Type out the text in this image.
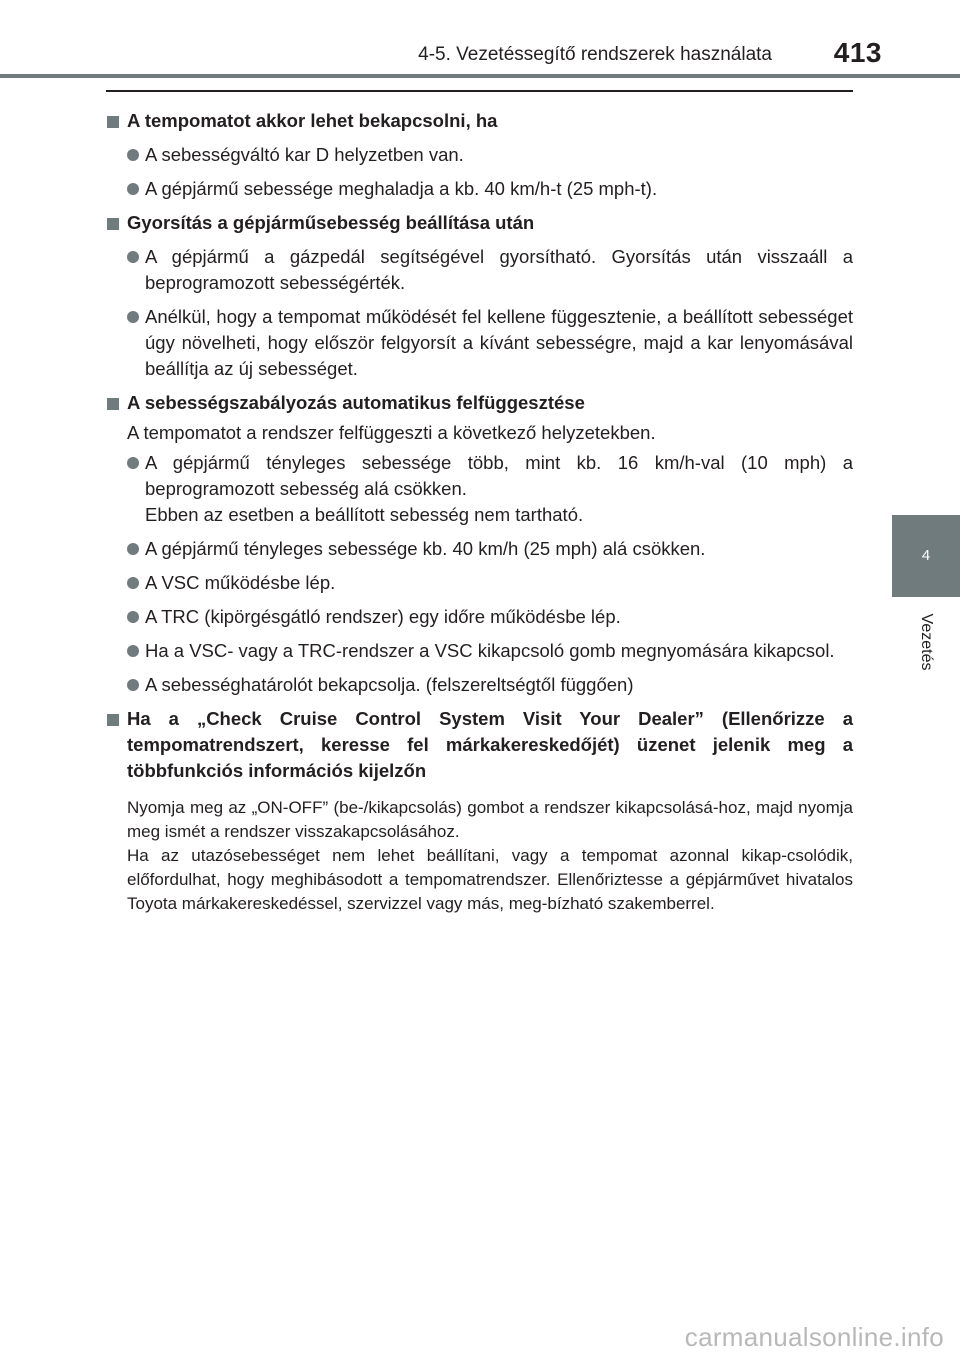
4-5. Vezetéssegítő rendszerek használata 413
4
Vezetés
A tempomatot akkor lehet bekapcsolni, ha
A sebességváltó kar D helyzetben van.
A gépjármű sebessége meghaladja a kb. 40 km/h-t (25 mph-t).
Gyorsítás a gépjárműsebesség beállítása után
A gépjármű a gázpedál segítségével gyorsítható. Gyorsítás után visszaáll a beprogramozott sebességérték.
Anélkül, hogy a tempomat működését fel kellene függesztenie, a beállított sebességet úgy növelheti, hogy először felgyorsít a kívánt sebességre, majd a kar lenyomásával beállítja az új sebességet.
A sebességszabályozás automatikus felfüggesztése
A tempomatot a rendszer felfüggeszti a következő helyzetekben.
A gépjármű tényleges sebessége több, mint kb. 16 km/h-val (10 mph) a beprogramozott sebesség alá csökken.
Ebben az esetben a beállított sebesség nem tartható.
A gépjármű tényleges sebessége kb. 40 km/h (25 mph) alá csökken.
A VSC működésbe lép.
A TRC (kipörgésgátló rendszer) egy időre működésbe lép.
Ha a VSC- vagy a TRC-rendszer a VSC kikapcsoló gomb megnyomására kikapcsol.
A sebességhatárolót bekapcsolja. (felszereltségtől függően)
Ha a „Check Cruise Control System Visit Your Dealer” (Ellenőrizze a tempomatrendszert, keresse fel márkakereskedőjét) üzenet jelenik meg a többfunkciós információs kijelzőn

Nyomja meg az „ON-OFF” (be-/kikapcsolás) gombot a rendszer kikapcsolásá-hoz, majd nyomja meg ismét a rendszer visszakapcsolásához.

Ha az utazósebességet nem lehet beállítani, vagy a tempomat azonnal kikap-csolódik, előfordulhat, hogy meghibásodott a tempomatrendszer. Ellenőriztesse a gépjárművet hivatalos Toyota márkakereskedéssel, szervizzel vagy más, meg-bízható szakemberrel.

carmanualsonline.info
